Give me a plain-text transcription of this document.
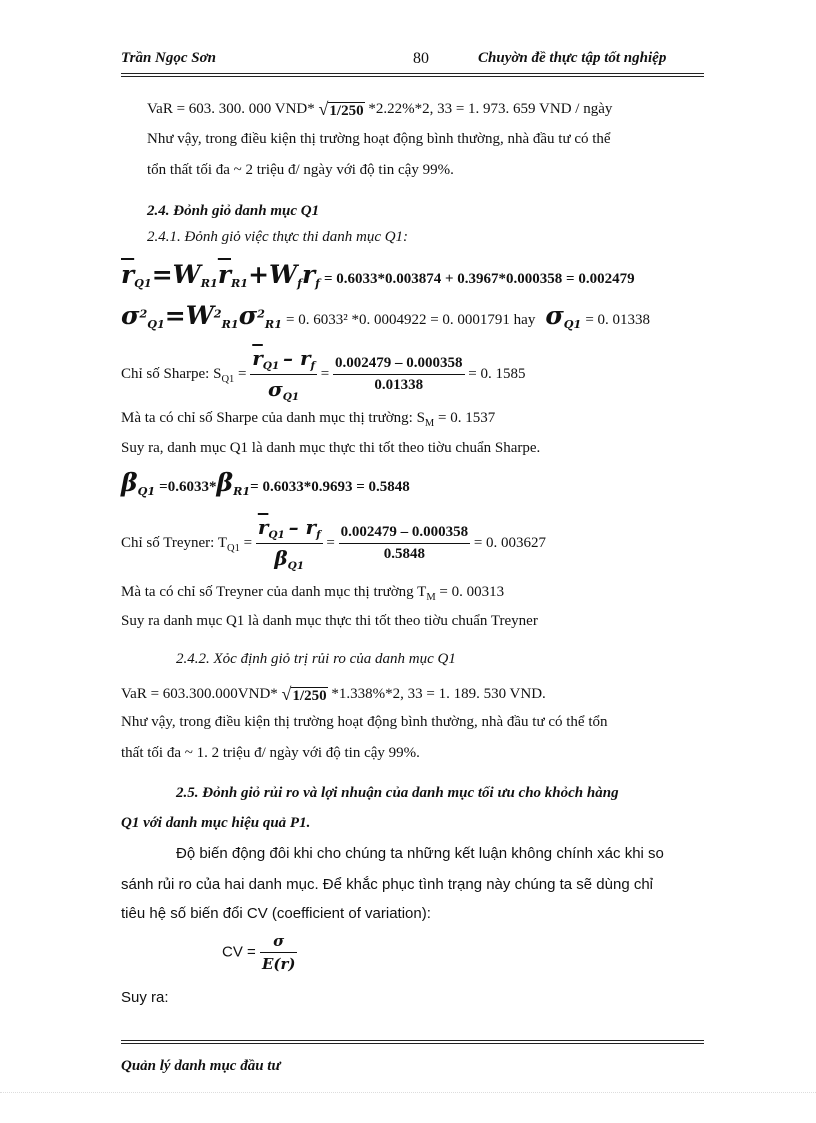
Trần Ngọc Sơn	80	Chuyờn đề thực tập tốt nghiệp
VaR = 603. 300. 000 VND* √1/250 *2.22%*2, 33 = 1. 973. 659 VND / ngày
Như vậy, trong điều kiện thị trường hoạt động bình thường, nhà đầu tư có thể
tổn thất tối đa ~ 2 triệu đ/ ngày với độ tin cậy 99%.
2.4. Đỏnh giỏ danh mục Q1
2.4.1. Đỏnh giỏ việc thực thi danh mục Q1:
$\overline{r}_{Q1}=W_{R1}\overline{r}_{R1}+W_fr_f = 0.6033*0.003874 + 0.3967*0.000358 = 0.002479$
$\sigma^2_{Q1}=W^2_{R1}\sigma^2_{R1} = 0$. 6033² *0. 0004922 = 0. 0001791 hay $\sigma_{Q1} = 0$. 01338
Chỉ số Sharpe: $S_{Q1} = \frac{\overline{r}_{Q1} - r_f}{\sigma_{Q1}} = \frac{0.002479 - 0.000358}{0.01338} = 0$. 1585
Mà ta có chỉ số Sharpe của danh mục thị trường: $S_M = 0$. 1537
Suy ra, danh mục Q1 là danh mục thực thi tốt theo tiờu chuẩn Sharpe.
$\beta_{Q1} =0.6033*\beta_{R1}= 0.6033*0.9693 = 0.5848$
Chỉ số Treyner: $T_{Q1} = \frac{\overline{r}_{Q1} - r_f}{\beta_{Q1}} = \frac{0.002479 - 0.000358}{0.5848} = 0$. 003627
Mà ta có chỉ số Treyner của danh mục thị trường $T_M = 0$. 00313
Suy ra danh mục Q1 là danh mục thực thi tốt theo tiờu chuẩn Treyner
2.4.2. Xỏc định giỏ trị rủi ro của danh mục Q1
VaR = 603.300.000VND* √1/250 *1.338%*2, 33 = 1. 189. 530 VND.
Như vậy, trong điều kiện thị trường hoạt động bình thường, nhà đầu tư có thể tổn
thất tối đa ~ 1. 2 triệu đ/ ngày với độ tin cậy 99%.
2.5. Đỏnh giỏ rủi ro và lợi nhuận của danh mục tối ưu cho khỏch hàng
Q1 với danh mục hiệu quả P1.
Độ biến động đôi khi cho chúng ta những kết luận không chính xác khi so
sánh rủi ro của hai danh mục. Để khắc phục tình trạng này chúng ta sẽ dùng chỉ
tiêu hệ số biến đổi CV (coefficient of variation):
CV = $\frac{\sigma}{E(r)}$
Suy ra:
Quản lý danh mục đầu tư
